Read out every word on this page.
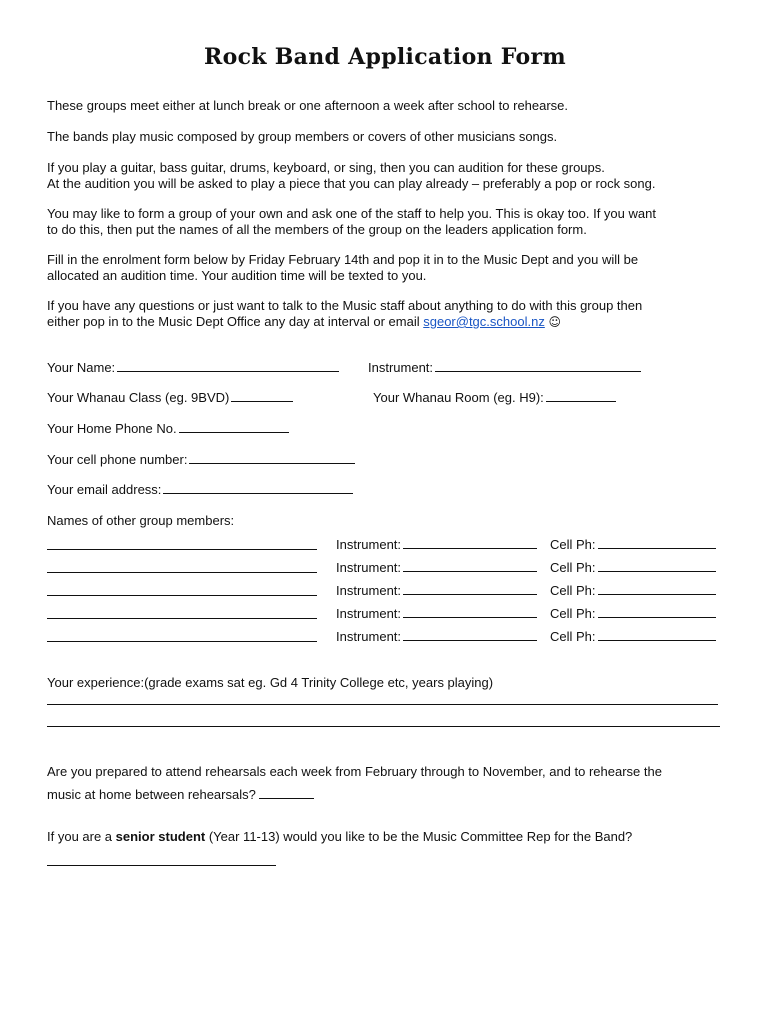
Rock Band Application Form
These groups meet either at lunch break or one afternoon a week after school to rehearse.
The bands play music composed by group members or covers of other musicians songs.
If you play a guitar, bass guitar, drums, keyboard, or sing, then you can audition for these groups.
At the audition you will be asked to play a piece that you can play already – preferably a pop or rock song.
You may like to form a group of your own and ask one of the staff to help you. This is okay too. If you want
to do this, then put the names of all the members of the group on the leaders application form.
Fill in the enrolment form below by Friday February 14th and pop it in to the Music Dept and you will be
allocated an audition time. Your audition time will be texted to you.
If you have any questions or just want to talk to the Music staff about anything to do with this group then
either pop in to the Music Dept Office any day at interval or email sgeor@tgc.school.nz ☺
Your Name:	Instrument:
Your Whanau Class (eg. 9BVD)	Your Whanau Room (eg. H9):
Your Home Phone No.
Your cell phone number:
Your email address:
Names of other group members:
Instrument:	Cell Ph:
Instrument:	Cell Ph:
Instrument:	Cell Ph:
Instrument:	Cell Ph:
Instrument:	Cell Ph:
Your experience:(grade exams sat eg. Gd 4 Trinity College etc, years playing)
Are you prepared to attend rehearsals each week from February through to November, and to rehearse the
music at home between rehearsals?
If you are a senior student (Year 11-13) would you like to be the Music Committee Rep for the Band?
